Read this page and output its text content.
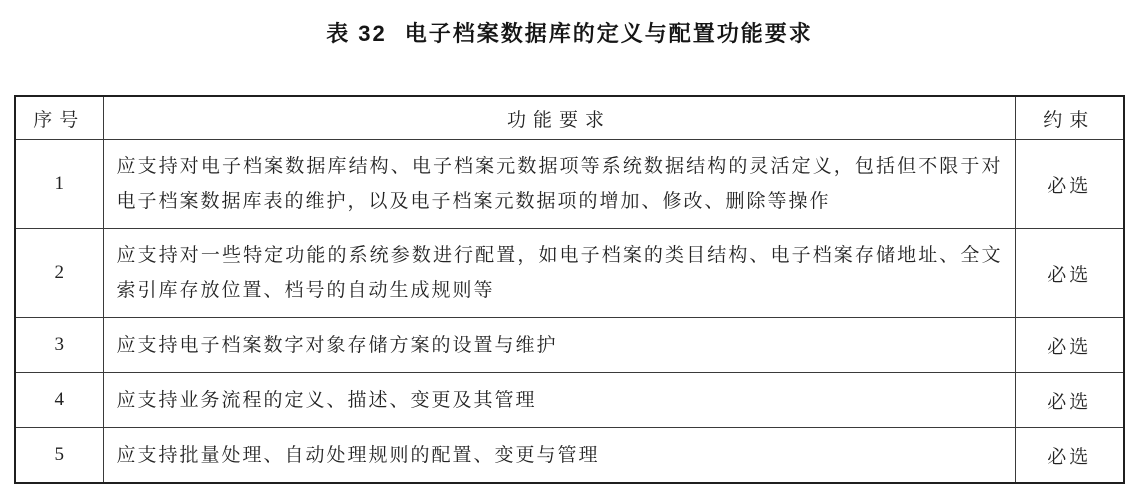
表 32 电子档案数据库的定义与配置功能要求
序号	功能要求	约束
1	应支持对电子档案数据库结构、电子档案元数据项等系统数据结构的灵活定义，包括但不限于对电子档案数据库表的维护，以及电子档案元数据项的增加、修改、删除等操作	必选
2	应支持对一些特定功能的系统参数进行配置，如电子档案的类目结构、电子档案存储地址、全文索引库存放位置、档号的自动生成规则等	必选
3	应支持电子档案数字对象存储方案的设置与维护	必选
4	应支持业务流程的定义、描述、变更及其管理	必选
5	应支持批量处理、自动处理规则的配置、变更与管理	必选
